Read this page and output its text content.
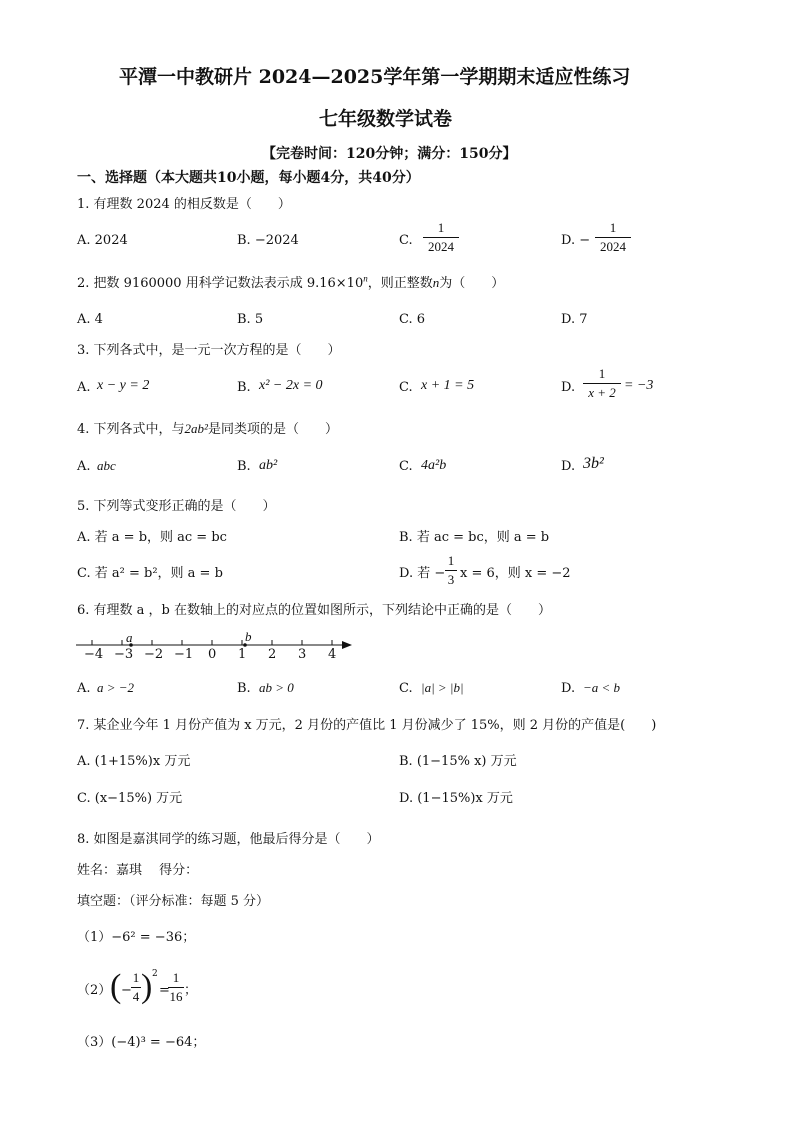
平潭一中教研片 2024—2025学年第一学期期末适应性练习
七年级数学试卷
【完卷时间：120分钟；满分：150分】
一、选择题（本大题共10小题，每小题4分，共40分）
1. 有理数 2024 的相反数是（　　）
A. 2024	B. −2024	C.
1
2024	D. −
1
2024
2. 把数 9160000 用科学记数法表示成 $9.16\times 10^n$，则正整数n为（　　）
A. 4	B. 5	C. 6	D. 7
3. 下列各式中，是一元一次方程的是（　　）
A. x − y = 2	B. x² − 2x = 0	C. x + 1 = 5	D.
1
x + 2 = −3
4. 下列各式中，与2ab²是同类项的是（　　）
A. abc	B. ab²	C. 4a²b	D. 3b²
5. 下列等式变形正确的是（　　）
A. 若 a = b，则 ac = bc	B. 若 ac = bc，则 a = b
C. 若 a² = b²，则 a = b	D. 若 −
1
3 x = 6，则 x = −2
6. 有理数 a ，b 在数轴上的对应点的位置如图所示，下列结论中正确的是（　　）
a	b
−4 −3 −2 −1 0 1 2 3 4
A. a > −2	B. ab > 0	C. |a| > |b|	D. −a < b
7. 某企业今年 1 月份产值为 x 万元，2 月份的产值比 1 月份减少了 15%，则 2 月份的产值是(　　)
A. (1+15%)x 万元	B. (1−15% x) 万元
C. (x−15%) 万元	D. (1−15%)x 万元
8. 如图是嘉淇同学的练习题，他最后得分是（　　）
姓名：嘉琪　 得分：
填空题：（评分标准：每题 5 分）
（1）−6² = −36；
（2）
( −
1
4 ) 2
=
1
16 ；
（3）(−4)³ = −64；
